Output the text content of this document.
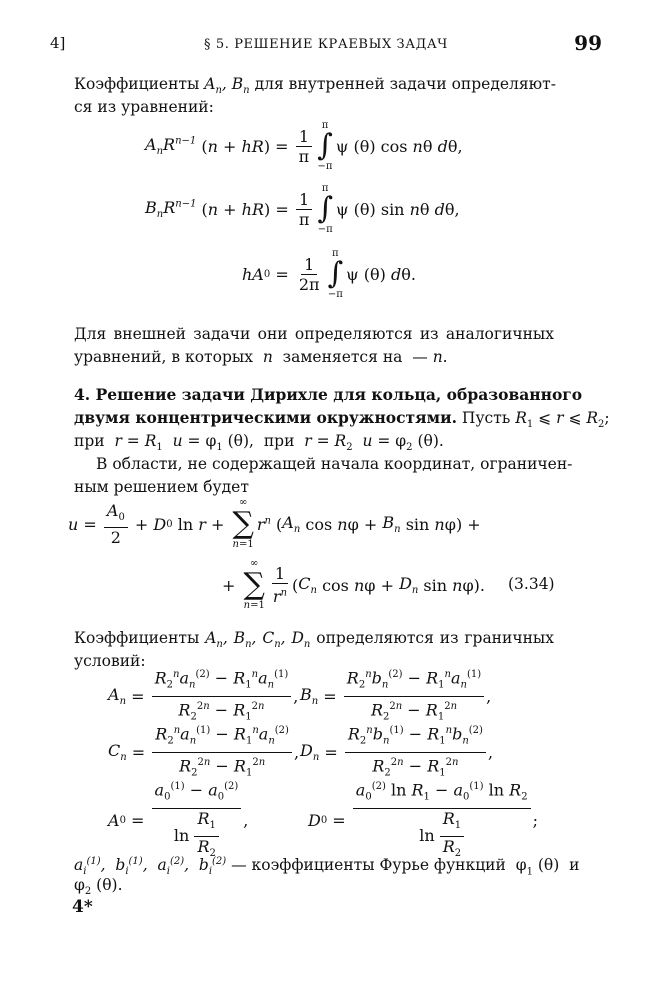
4]	§ 5. РЕШЕНИЕ КРАЕВЫХ ЗАДАЧ	99
Коэффициенты $A_n$, $B_n$ для внутренней задачи определяют-
ся из уравнений:
$A_nR^{n-1}$ ( n + hR ) = $\frac{1}{\pi}$
π
∫
−π
ψ (θ) cos n θ d θ,
$B_nR^{n-1}$ ( n + hR ) = $\frac{1}{\pi}$
π
∫
−π
ψ (θ) sin n θ d θ,
hA $0 = \frac{1}{2\pi}$
π
∫
−π
ψ (θ) d θ.
Для внешней задачи они определяются из аналогичных
уравнений, в которых n заменяется на  — n.
4. Решение задачи Дирихле для кольца, образованного
двумя концентрическими окружностями. Пусть $R_1$ ⩽ r ⩽ $R_2$;
при $r = R_1$ $u = \varphi_1$ (θ),  при $r = R_2$ $u = \varphi_2$ (θ).
В области, не содержащей начала координат, ограничен-
ным решением будет
$u = \frac{A_0}{2} + D$ 0 ln r +
∞
∑
n=1
$r^n$ ( $A_n$ cos n $\varphi + B_n$ sin n φ) +
+
∞
∑
n=1
$\frac{1}{r^n}$ ( $C_n$ cos n $\varphi + D_n$ sin n φ). (3.34)
Коэффициенты $A_n$, $B_n$, $C_n$, $D_n$ определяются из граничных
условий:
$A_n = \frac{R_2^na_n^{(2)} - R_1^na_n^{(1)}}{R_2^{2n} - R_1^{2n}}$ , $B_n = \frac{R_2^nb_n^{(2)} - R_1^na_n^{(1)}}{R_2^{2n} - R_1^{2n}}$ ,
$C_n = \frac{R_2^na_n^{(1)} - R_1^na_n^{(2)}}{R_2^{2n} - R_1^{2n}}$ , $D_n = \frac{R_2^nb_n^{(1)} - R_1^nb_n^{(2)}}{R_2^{2n} - R_1^{2n}}$ ,
A $0 = \frac{a_0^{(1)} - a_0^{(2)}}{\ln \frac{R_1}{R_2}}$ ,	D $0 = \frac{a_0^{(2)} \ln R_1 - a_0^{(1)} \ln R_2}{\ln \frac{R_1}{R_2}}$ ;
$a_i^{(1)}$,  $b_i^{(1)}$,  $a_i^{(2)}$,  $b_i^{(2)}$ — коэффициенты Фурье функций  $\varphi_1$ (θ)  и
$\varphi_2$ (θ).
4*
